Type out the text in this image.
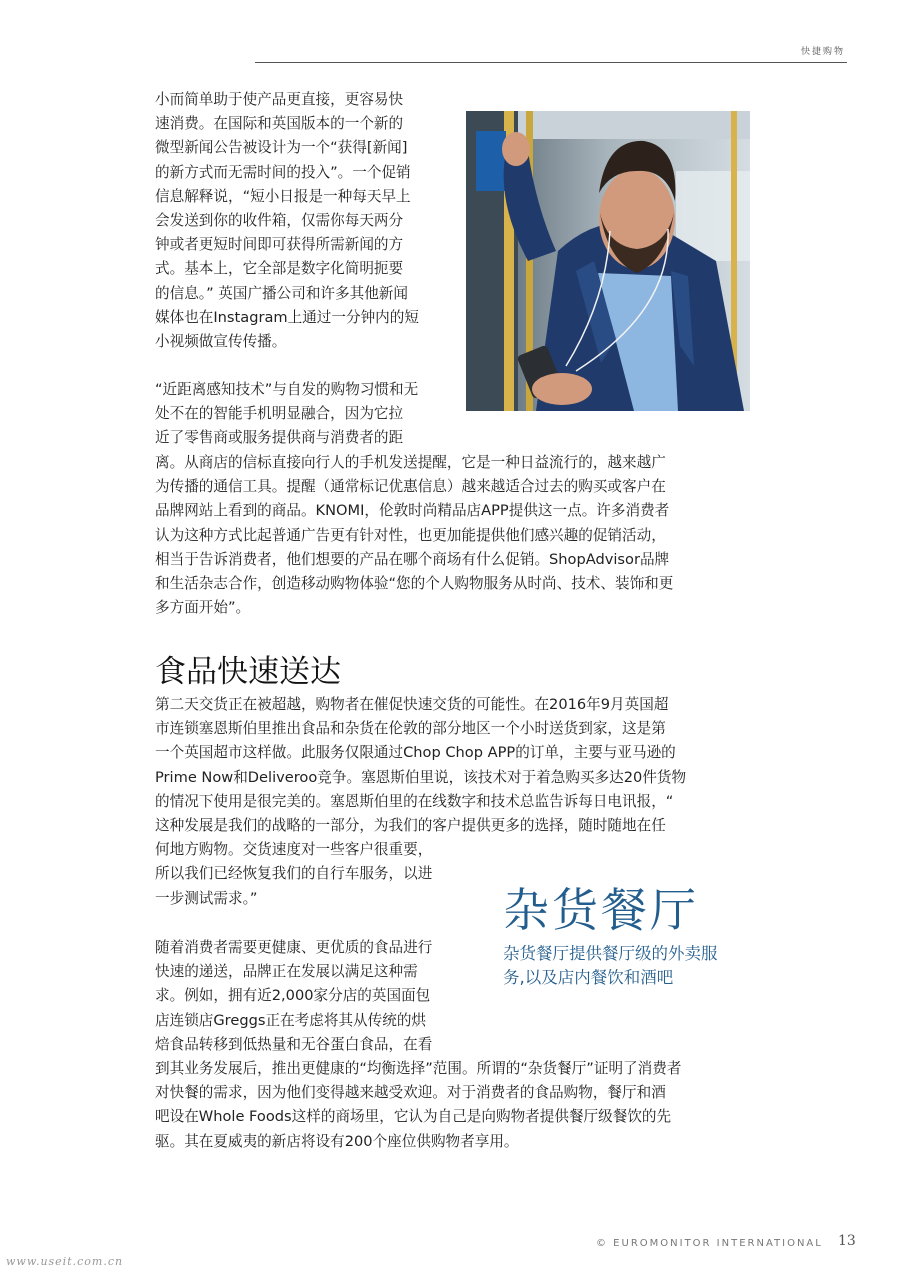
快捷购物
小而简单助于使产品更直接，更容易快
速消费。在国际和英国版本的一个新的
微型新闻公告被设计为一个“获得[新闻]
的新方式而无需时间的投入”。一个促销
信息解释说，“短小日报是一种每天早上
会发送到你的收件箱，仅需你每天两分
钟或者更短时间即可获得所需新闻的方
式。基本上，它全部是数字化简明扼要
的信息。” 英国广播公司和许多其他新闻
媒体也在Instagram上通过一分钟内的短
小视频做宣传传播。
“近距离感知技术”与自发的购物习惯和无
处不在的智能手机明显融合，因为它拉
近了零售商或服务提供商与消费者的距
离。从商店的信标直接向行人的手机发送提醒，它是一种日益流行的，越来越广
为传播的通信工具。提醒（通常标记优惠信息）越来越适合过去的购买或客户在
品牌网站上看到的商品。KNOMI，伦敦时尚精品店APP提供这一点。许多消费者
认为这种方式比起普通广告更有针对性，也更加能提供他们感兴趣的促销活动，
相当于告诉消费者，他们想要的产品在哪个商场有什么促销。ShopAdvisor品牌
和生活杂志合作，创造移动购物体验“您的个人购物服务从时尚、技术、装饰和更
多方面开始”。
食品快速送达
第二天交货正在被超越，购物者在催促快速交货的可能性。在2016年9月英国超
市连锁塞恩斯伯里推出食品和杂货在伦敦的部分地区一个小时送货到家，这是第
一个英国超市这样做。此服务仅限通过Chop Chop APP的订单，主要与亚马逊的
Prime Now和Deliveroo竞争。塞恩斯伯里说，该技术对于着急购买多达20件货物
的情况下使用是很完美的。塞恩斯伯里的在线数字和技术总监告诉每日电讯报，“
这种发展是我们的战略的一部分，为我们的客户提供更多的选择，随时随地在任
何地方购物。交货速度对一些客户很重要，
所以我们已经恢复我们的自行车服务，以进
一步测试需求。”	杂货餐厅
杂货餐厅提供餐厅级的外卖服
务,以及店内餐饮和酒吧
随着消费者需要更健康、更优质的食品进行
快速的递送，品牌正在发展以满足这种需
求。例如，拥有近2,000家分店的英国面包
店连锁店Greggs正在考虑将其从传统的烘
焙食品转移到低热量和无谷蛋白食品，在看
到其业务发展后，推出更健康的“均衡选择”范围。所谓的“杂货餐厅”证明了消费者
对快餐的需求，因为他们变得越来越受欢迎。对于消费者的食品购物，餐厅和酒
吧设在Whole Foods这样的商场里，它认为自己是向购物者提供餐厅级餐饮的先
驱。其在夏威夷的新店将设有200个座位供购物者享用。
© EUROMONITOR INTERNATIONAL 13
www.useit.com.cn
